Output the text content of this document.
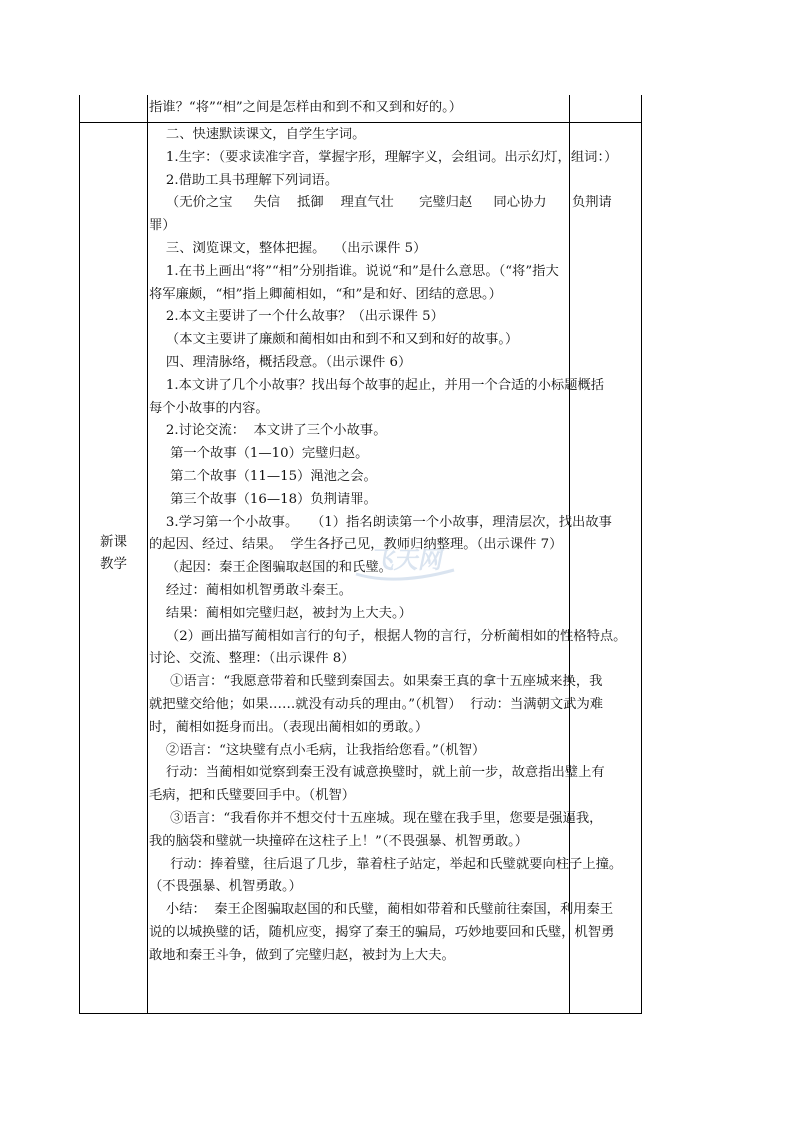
指谁？“将”“相”之间是怎样由和到不和又到和好的。）
新课
教学
二、快速默读课文，自学生字词。
1.生字：（要求读准字音，掌握字形，理解字义，会组词。出示幻灯，组词：）
2.借助工具书理解下列词语。
（无价之宝     失信    抵御    理直气壮      完璧归赵     同心协力      负荆请
罪）
三、浏览课文，整体把握。  （出示课件 5）
1.在书上画出“将”“相”分别指谁。说说“和”是什么意思。（“将”指大
将军廉颇，“相”指上卿蔺相如，“和”是和好、团结的意思。）
2.本文主要讲了一个什么故事？（出示课件 5）
（本文主要讲了廉颇和蔺相如由和到不和又到和好的故事。）
四、理清脉络，概括段意。（出示课件 6）
1.本文讲了几个小故事？找出每个故事的起止，并用一个合适的小标题概括
每个小故事的内容。
2.讨论交流：  本文讲了三个小故事。
第一个故事（1—10）完璧归赵。
第二个故事（11—15）渑池之会。
第三个故事（16—18）负荆请罪。
3.学习第一个小故事。   （1）指名朗读第一个小故事，理清层次，找出故事
的起因、经过、结果。  学生各抒己见，教师归纳整理。（出示课件 7）
（起因：秦王企图骗取赵国的和氏璧。
经过：蔺相如机智勇敢斗秦王。
结果：蔺相如完璧归赵，被封为上大夫。）
（2）画出描写蔺相如言行的句子，根据人物的言行，分析蔺相如的性格特点。
讨论、交流、整理：（出示课件 8）
①语言：“我愿意带着和氏璧到秦国去。如果秦王真的拿十五座城来换，我
就把璧交给他；如果……就没有动兵的理由。”（机智）  行动：当满朝文武为难
时，蔺相如挺身而出。（表现出蔺相如的勇敢。）
②语言：“这块璧有点小毛病，让我指给您看。”（机智）
行动：当蔺相如觉察到秦王没有诚意换璧时，就上前一步，故意指出璧上有
毛病，把和氏璧要回手中。（机智）
③语言：“我看你并不想交付十五座城。现在璧在我手里，您要是强逼我，
我的脑袋和璧就一块撞碎在这柱子上！”（不畏强暴、机智勇敢。）
行动：捧着璧，往后退了几步，靠着柱子站定，举起和氏璧就要向柱子上撞。
（不畏强暴、机智勇敢。）
小结：  秦王企图骗取赵国的和氏璧，蔺相如带着和氏璧前往秦国，利用秦王
说的以城换璧的话，随机应变，揭穿了秦王的骗局，巧妙地要回和氏璧，机智勇
敢地和秦王斗争，做到了完璧归赵，被封为上大夫。
飞天网
